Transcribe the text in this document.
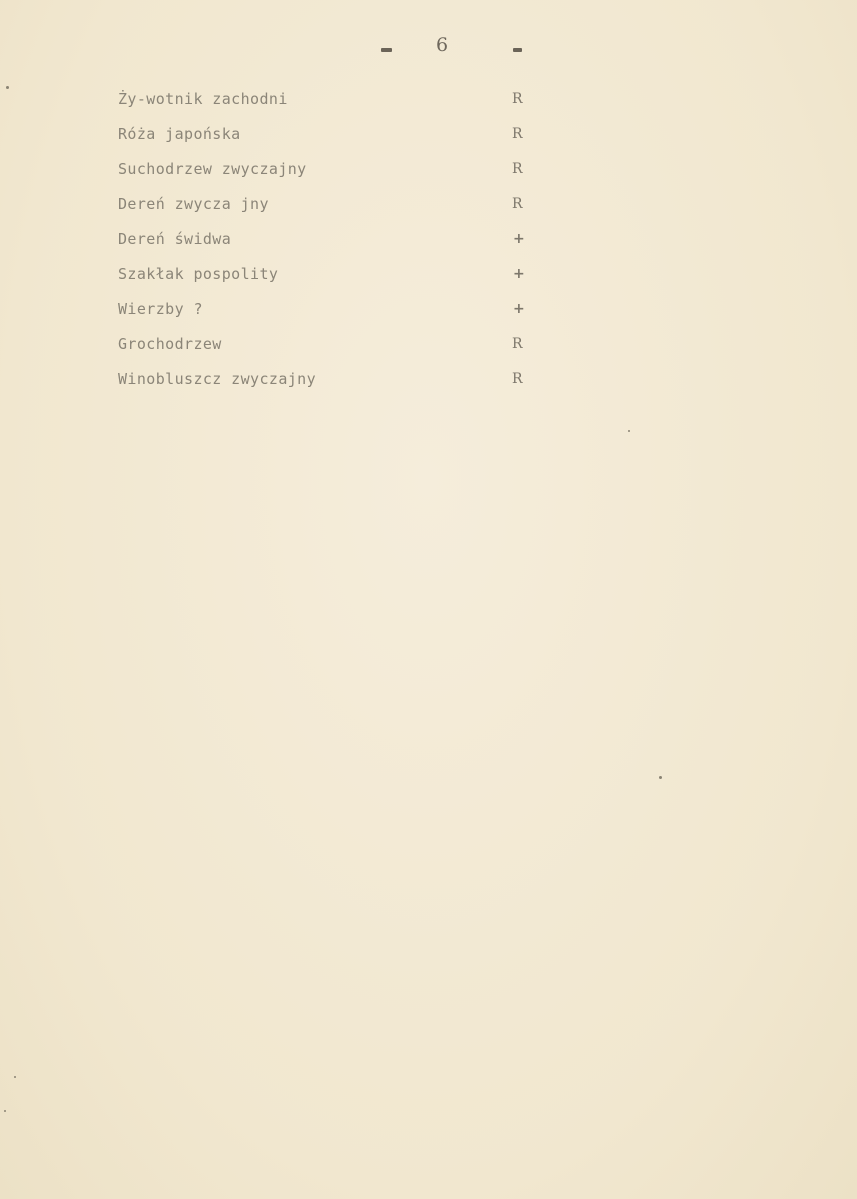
6
Ży-wotnik zachodni	R
Róża japońska	R
Suchodrzew zwyczajny	R
Dereń zwycza jny	R
Dereń świdwa	+
Szakłak pospolity	+
Wierzby ?	+
Grochodrzew	R
Winobluszcz zwyczajny	R
